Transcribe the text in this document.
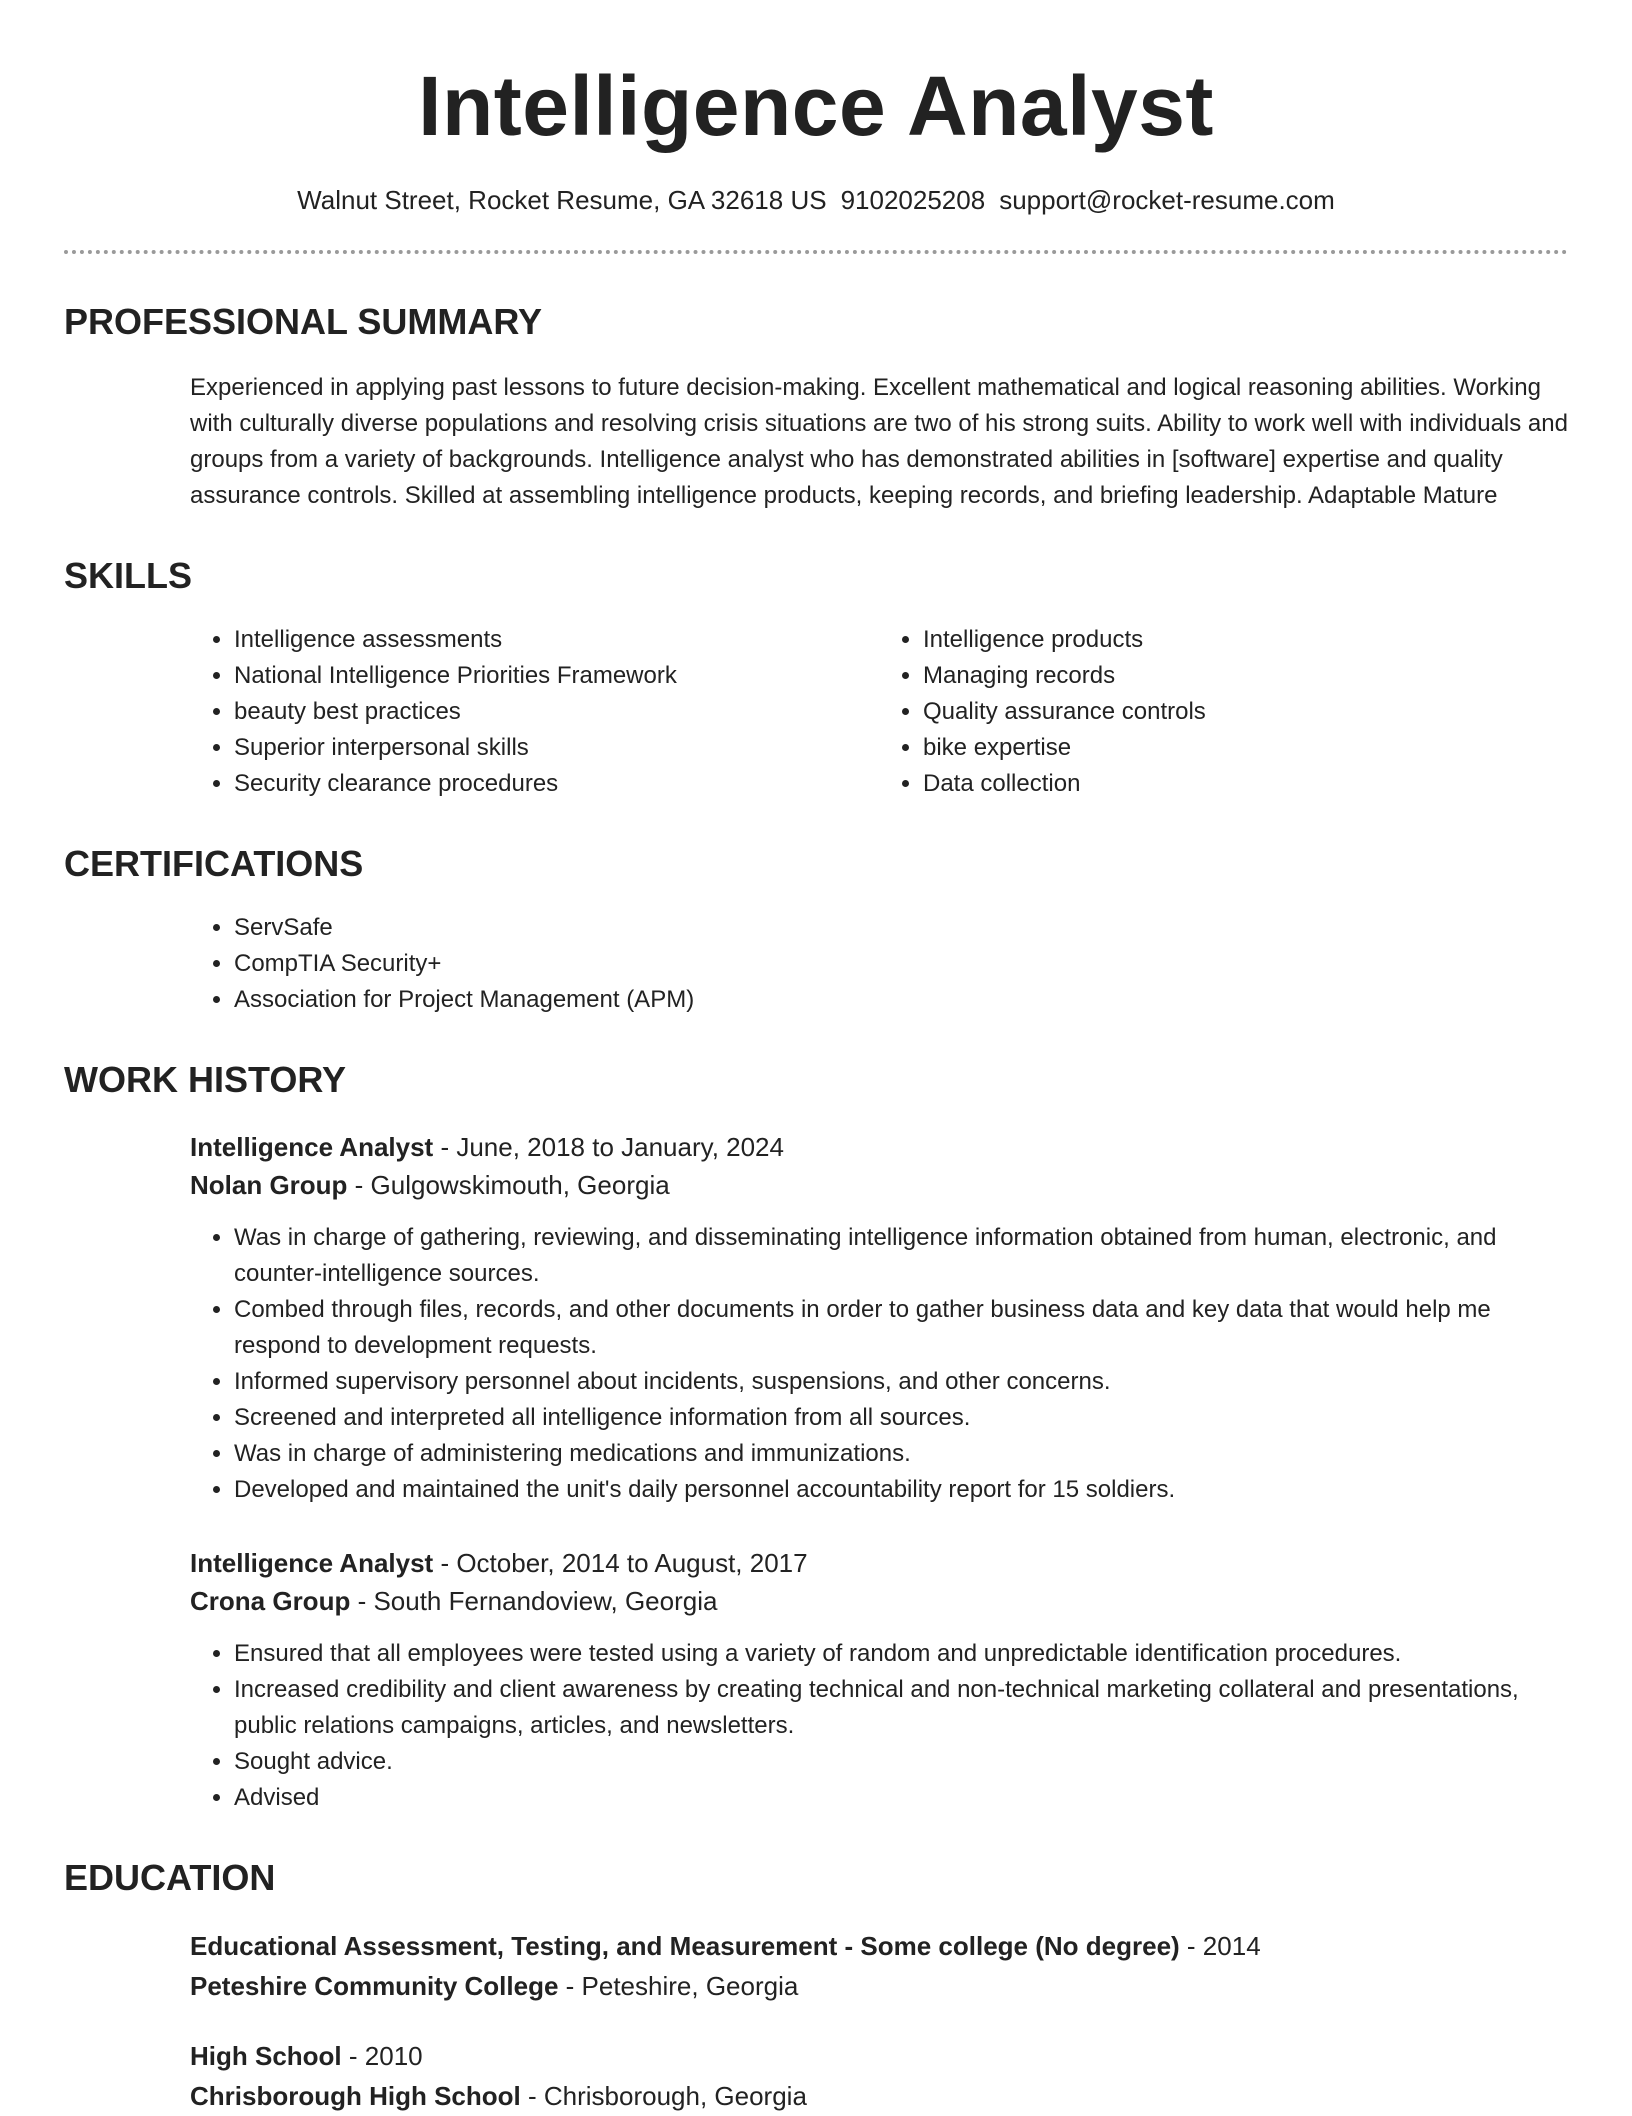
Intelligence Analyst
Walnut Street, Rocket Resume, GA 32618 US 9102025208 support@rocket-resume.com
PROFESSIONAL SUMMARY
Experienced in applying past lessons to future decision-making. Excellent mathematical and logical reasoning abilities. Working with culturally diverse populations and resolving crisis situations are two of his strong suits. Ability to work well with individuals and groups from a variety of backgrounds. Intelligence analyst who has demonstrated abilities in [software] expertise and quality assurance controls. Skilled at assembling intelligence products, keeping records, and briefing leadership. Adaptable Mature
SKILLS
• Intelligence assessments
• National Intelligence Priorities Framework
• beauty best practices
• Superior interpersonal skills
• Security clearance procedures
• Intelligence products
• Managing records
• Quality assurance controls
• bike expertise
• Data collection
CERTIFICATIONS
• ServSafe
• CompTIA Security+
• Association for Project Management (APM)
WORK HISTORY
Intelligence Analyst - June, 2018 to January, 2024
Nolan Group - Gulgowskimouth, Georgia
• Was in charge of gathering, reviewing, and disseminating intelligence information obtained from human, electronic, and counter-intelligence sources.
• Combed through files, records, and other documents in order to gather business data and key data that would help me respond to development requests.
• Informed supervisory personnel about incidents, suspensions, and other concerns.
• Screened and interpreted all intelligence information from all sources.
• Was in charge of administering medications and immunizations.
• Developed and maintained the unit's daily personnel accountability report for 15 soldiers.
Intelligence Analyst - October, 2014 to August, 2017
Crona Group - South Fernandoview, Georgia
• Ensured that all employees were tested using a variety of random and unpredictable identification procedures.
• Increased credibility and client awareness by creating technical and non-technical marketing collateral and presentations, public relations campaigns, articles, and newsletters.
• Sought advice.
• Advised
EDUCATION
Educational Assessment, Testing, and Measurement - Some college (No degree) - 2014
Peteshire Community College - Peteshire, Georgia
High School - 2010
Chrisborough High School - Chrisborough, Georgia
